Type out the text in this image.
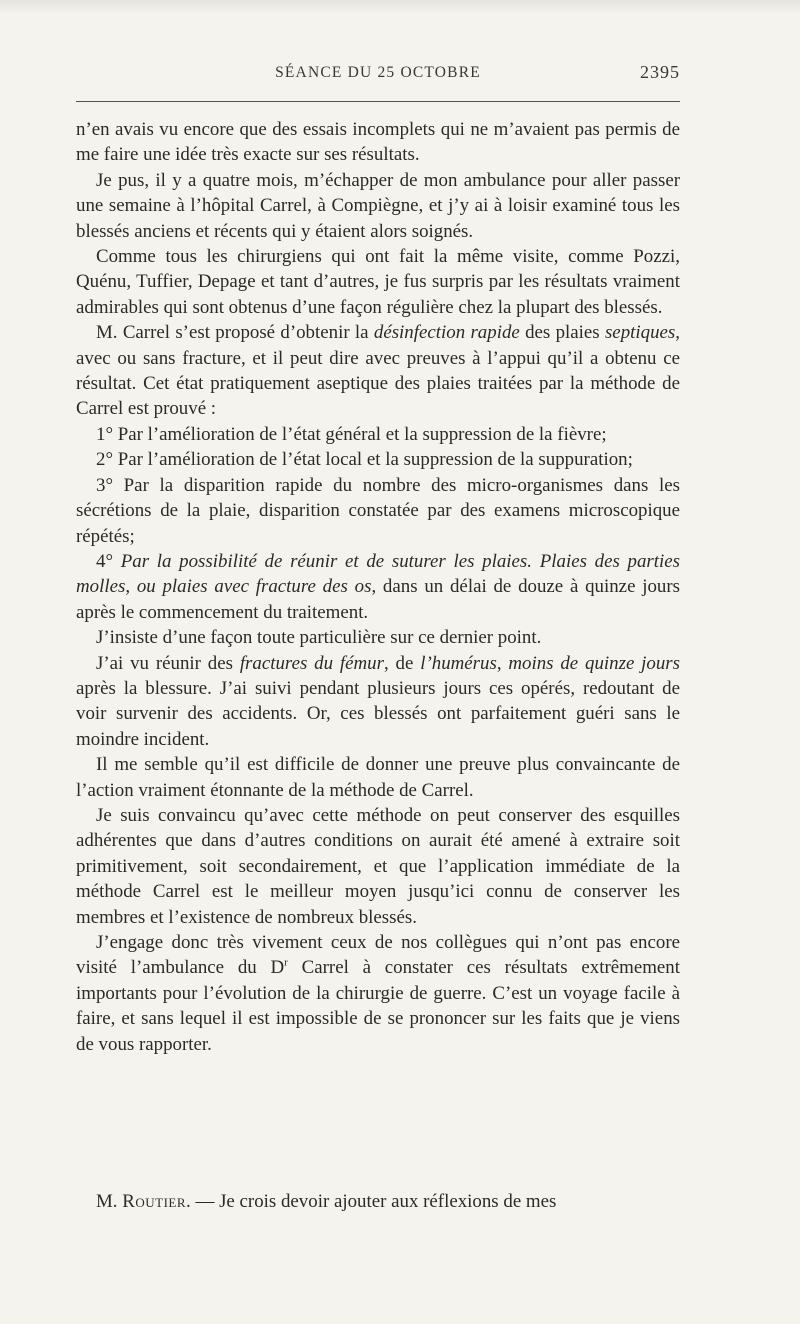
SÉANCE DU 25 OCTOBRE	2395

n’en avais vu encore que des essais incomplets qui ne m’avaient pas permis de me faire une idée très exacte sur ses résultats.

Je pus, il y a quatre mois, m’échapper de mon ambulance pour aller passer une semaine à l’hôpital Carrel, à Compiègne, et j’y ai à loisir examiné tous les blessés anciens et récents qui y étaient alors soignés.

Comme tous les chirurgiens qui ont fait la même visite, comme Pozzi, Quénu, Tuffier, Depage et tant d’autres, je fus surpris par les résultats vraiment admirables qui sont obtenus d’une façon régulière chez la plupart des blessés.

M. Carrel s’est proposé d’obtenir la désinfection rapide des plaies septiques, avec ou sans fracture, et il peut dire avec preuves à l’appui qu’il a obtenu ce résultat. Cet état pratiquement aseptique des plaies traitées par la méthode de Carrel est prouvé :

1° Par l’amélioration de l’état général et la suppression de la fièvre;

2° Par l’amélioration de l’état local et la suppression de la suppuration;

3° Par la disparition rapide du nombre des micro-organismes dans les sécrétions de la plaie, disparition constatée par des examens microscopique répétés;

4° Par la possibilité de réunir et de suturer les plaies. Plaies des parties molles, ou plaies avec fracture des os, dans un délai de douze à quinze jours après le commencement du traitement.

J’insiste d’une façon toute particulière sur ce dernier point.

J’ai vu réunir des fractures du fémur, de l’humérus, moins de quinze jours après la blessure. J’ai suivi pendant plusieurs jours ces opérés, redoutant de voir survenir des accidents. Or, ces blessés ont parfaitement guéri sans le moindre incident.

Il me semble qu’il est difficile de donner une preuve plus convaincante de l’action vraiment étonnante de la méthode de Carrel.

Je suis convaincu qu’avec cette méthode on peut conserver des esquilles adhérentes que dans d’autres conditions on aurait été amené à extraire soit primitivement, soit secondairement, et que l’application immédiate de la méthode Carrel est le meilleur moyen jusqu’ici connu de conserver les membres et l’existence de nombreux blessés.

J’engage donc très vivement ceux de nos collègues qui n’ont pas encore visité l’ambulance du $D^r$ Carrel à constater ces résultats extrêmement importants pour l’évolution de la chirurgie de guerre. C’est un voyage facile à faire, et sans lequel il est impossible de se prononcer sur les faits que je viens de vous rapporter.

M. Routier. — Je crois devoir ajouter aux réflexions de mes
